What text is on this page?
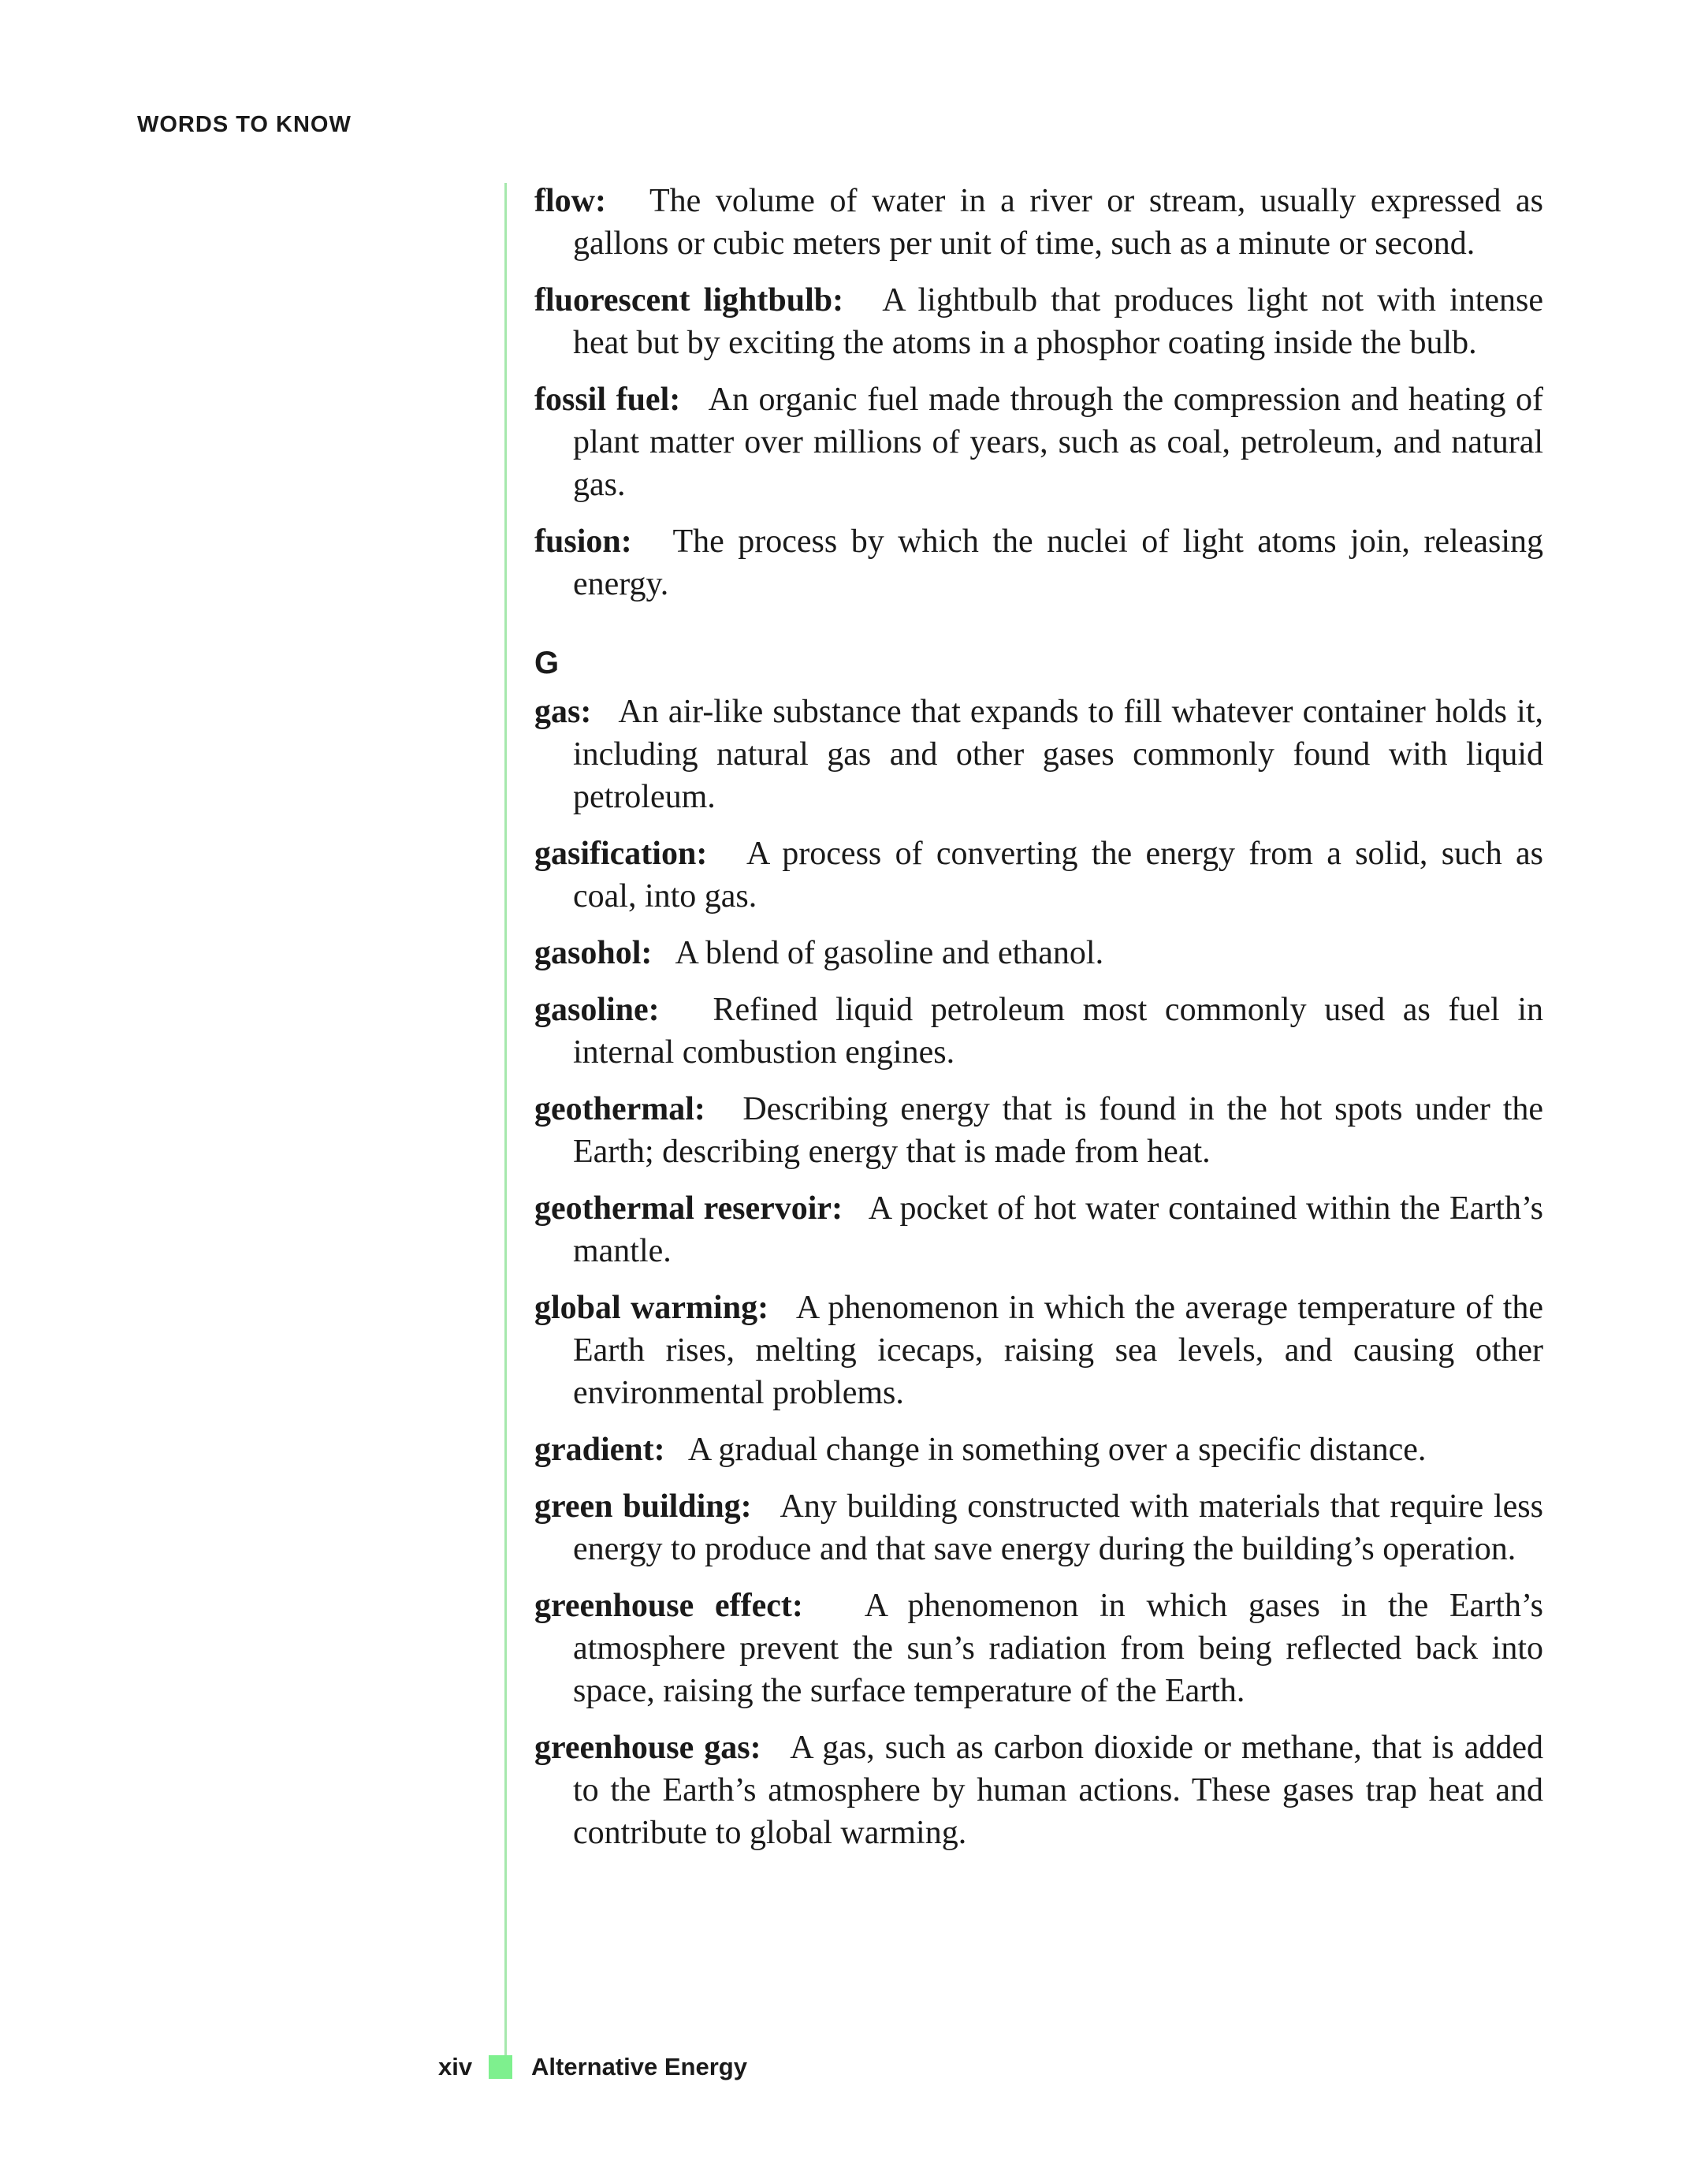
WORDS TO KNOW

flow: The volume of water in a river or stream, usually expressed as gallons or cubic meters per unit of time, such as a minute or second.

fluorescent lightbulb: A lightbulb that produces light not with intense heat but by exciting the atoms in a phosphor coating inside the bulb.

fossil fuel: An organic fuel made through the compression and heating of plant matter over millions of years, such as coal, petroleum, and natural gas.

fusion: The process by which the nuclei of light atoms join, releasing energy.

G

gas: An air-like substance that expands to fill whatever container holds it, including natural gas and other gases commonly found with liquid petroleum.

gasification: A process of converting the energy from a solid, such as coal, into gas.

gasohol: A blend of gasoline and ethanol.

gasoline: Refined liquid petroleum most commonly used as fuel in internal combustion engines.

geothermal: Describing energy that is found in the hot spots under the Earth; describing energy that is made from heat.

geothermal reservoir: A pocket of hot water contained within the Earth’s mantle.

global warming: A phenomenon in which the average temperature of the Earth rises, melting icecaps, raising sea levels, and causing other environmental problems.

gradient: A gradual change in something over a specific distance.

green building: Any building constructed with materials that require less energy to produce and that save energy during the building’s operation.

greenhouse effect: A phenomenon in which gases in the Earth’s atmosphere prevent the sun’s radiation from being reflected back into space, raising the surface temperature of the Earth.

greenhouse gas: A gas, such as carbon dioxide or methane, that is added to the Earth’s atmosphere by human actions. These gases trap heat and contribute to global warming.

xiv	Alternative Energy
